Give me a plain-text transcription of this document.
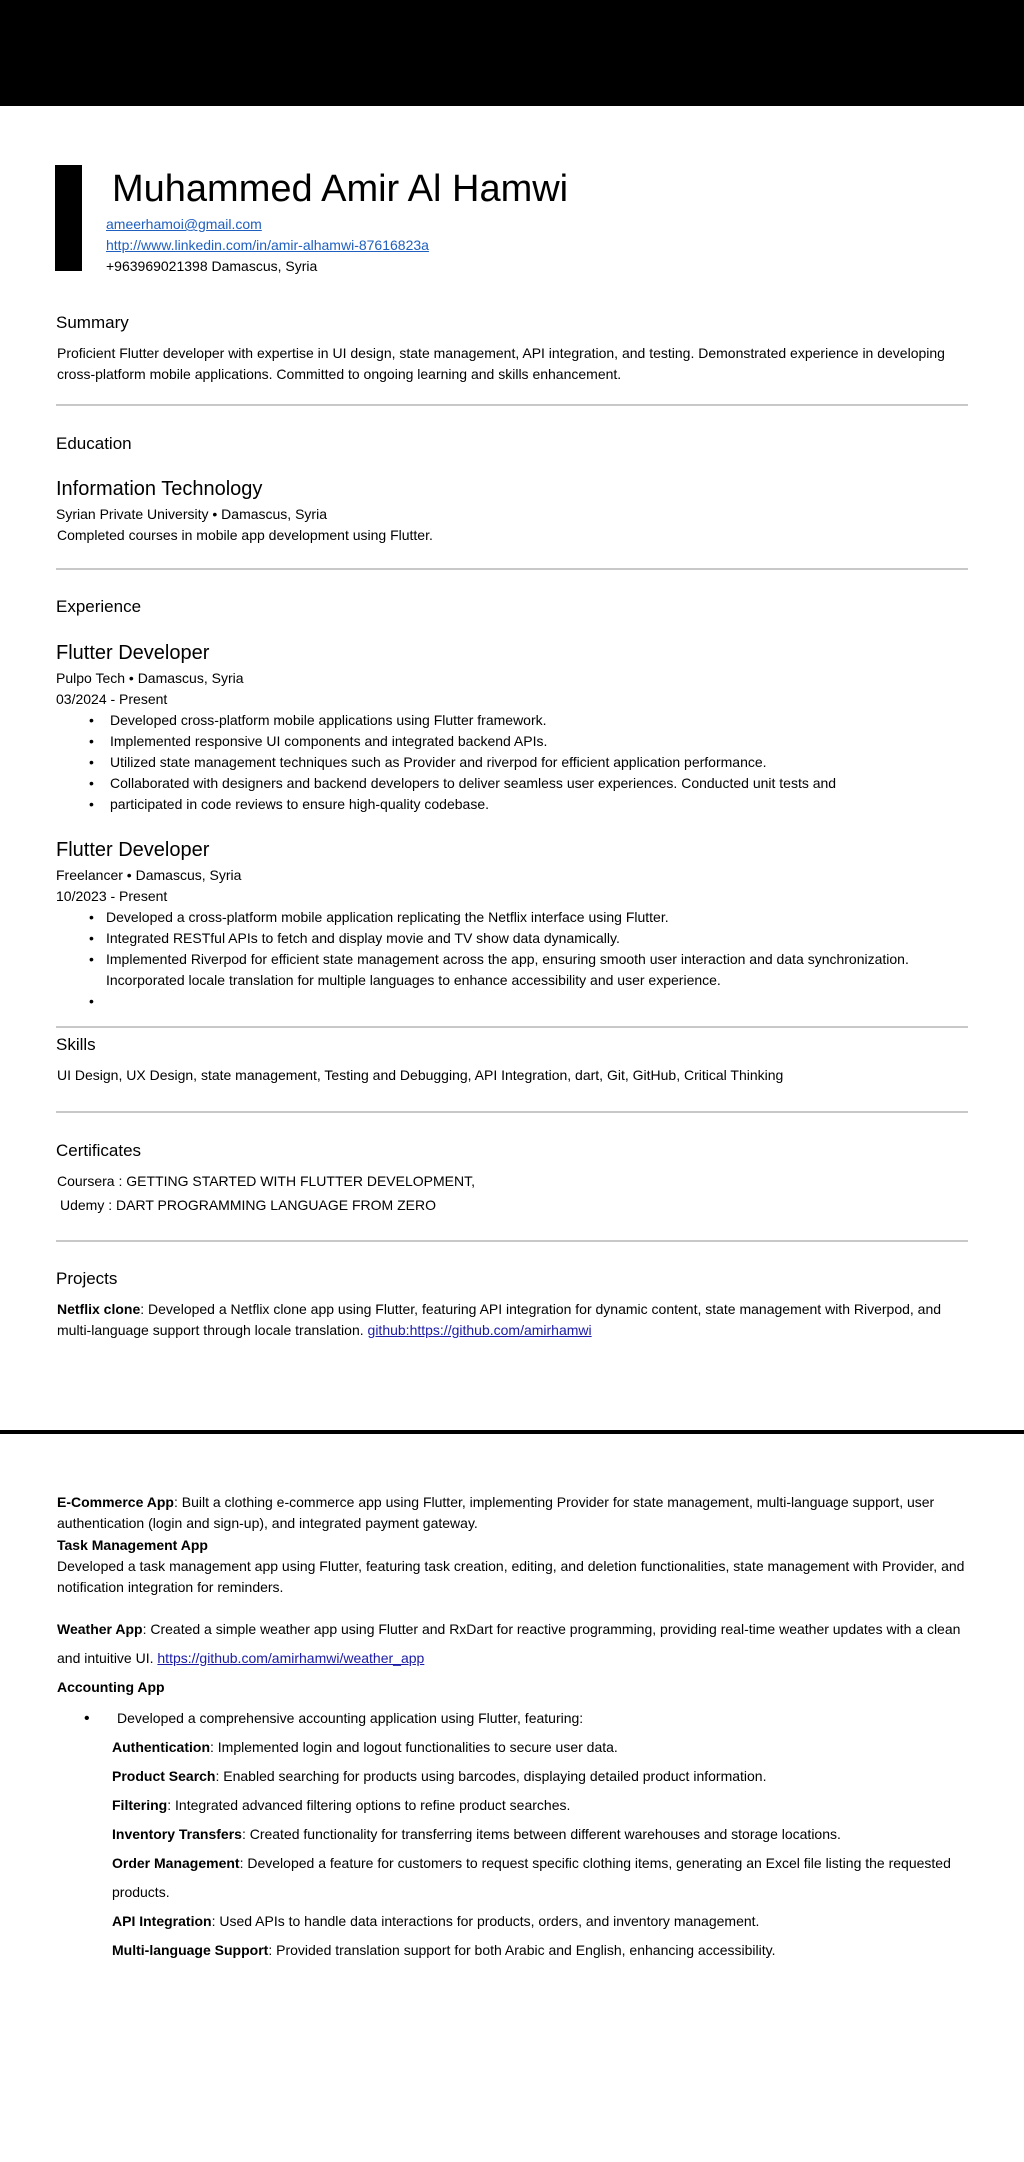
Muhammed Amir Al Hamwi
ameerhamoi@gmail.com
http://www.linkedin.com/in/amir-alhamwi-87616823a
+963969021398 Damascus, Syria
Summary
Proficient Flutter developer with expertise in UI design, state management, API integration, and testing. Demonstrated experience in developing cross-platform mobile applications. Committed to ongoing learning and skills enhancement.
Education
Information Technology
Syrian Private University • Damascus, Syria
Completed courses in mobile app development using Flutter.
Experience
Flutter Developer
Pulpo Tech • Damascus, Syria
03/2024 - Present
• Developed cross-platform mobile applications using Flutter framework.
• Implemented responsive UI components and integrated backend APIs.
• Utilized state management techniques such as Provider and riverpod for efficient application performance.
• Collaborated with designers and backend developers to deliver seamless user experiences. Conducted unit tests and
• participated in code reviews to ensure high-quality codebase.
Flutter Developer
Freelancer • Damascus, Syria
10/2023 - Present
• Developed a cross-platform mobile application replicating the Netflix interface using Flutter.
• Integrated RESTful APIs to fetch and display movie and TV show data dynamically.
• Implemented Riverpod for efficient state management across the app, ensuring smooth user interaction and data synchronization.
Incorporated locale translation for multiple languages to enhance accessibility and user experience.
•
Skills
UI Design, UX Design, state management, Testing and Debugging, API Integration, dart, Git, GitHub, Critical Thinking
Certificates
Coursera : GETTING STARTED WITH FLUTTER DEVELOPMENT,
Udemy : DART PROGRAMMING LANGUAGE FROM ZERO
Projects
Netflix clone: Developed a Netflix clone app using Flutter, featuring API integration for dynamic content, state management with Riverpod, and multi-language support through locale translation. github:https://github.com/amirhamwi
E-Commerce App: Built a clothing e-commerce app using Flutter, implementing Provider for state management, multi-language support, user authentication (login and sign-up), and integrated payment gateway.
Task Management App
Developed a task management app using Flutter, featuring task creation, editing, and deletion functionalities, state management with Provider, and notification integration for reminders.
Weather App: Created a simple weather app using Flutter and RxDart for reactive programming, providing real-time weather updates with a clean
and intuitive UI. https://github.com/amirhamwi/weather_app
Accounting App
• Developed a comprehensive accounting application using Flutter, featuring:
Authentication: Implemented login and logout functionalities to secure user data.
Product Search: Enabled searching for products using barcodes, displaying detailed product information.
Filtering: Integrated advanced filtering options to refine product searches.
Inventory Transfers: Created functionality for transferring items between different warehouses and storage locations.
Order Management: Developed a feature for customers to request specific clothing items, generating an Excel file listing the requested
products.
API Integration: Used APIs to handle data interactions for products, orders, and inventory management.
Multi-language Support: Provided translation support for both Arabic and English, enhancing accessibility.
